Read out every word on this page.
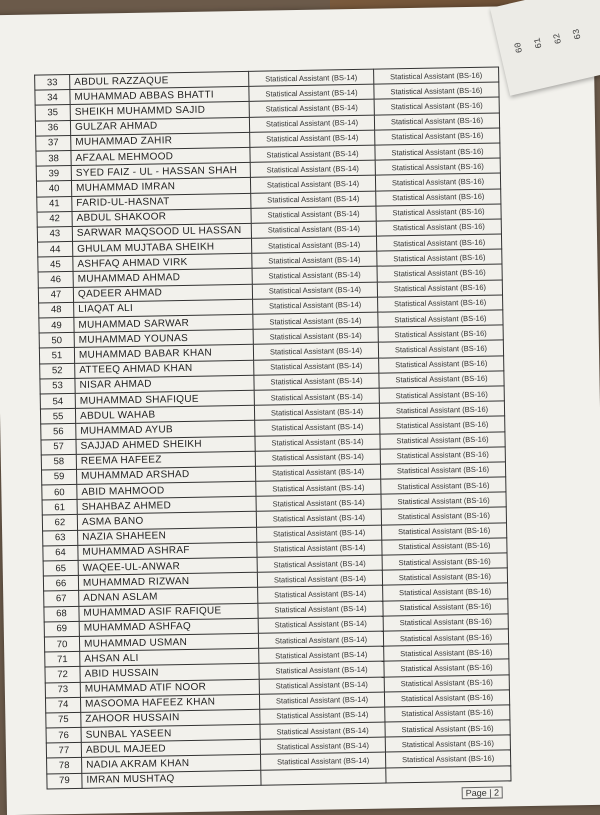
60 61 62 63
33	ABDUL RAZZAQUE	Statistical Assistant (BS-14)	Statistical Assistant (BS-16)
34	MUHAMMAD ABBAS BHATTI	Statistical Assistant (BS-14)	Statistical Assistant (BS-16)
35	SHEIKH MUHAMMD SAJID	Statistical Assistant (BS-14)	Statistical Assistant (BS-16)
36	GULZAR AHMAD	Statistical Assistant (BS-14)	Statistical Assistant (BS-16)
37	MUHAMMAD ZAHIR	Statistical Assistant (BS-14)	Statistical Assistant (BS-16)
38	AFZAAL MEHMOOD	Statistical Assistant (BS-14)	Statistical Assistant (BS-16)
39	SYED FAIZ - UL - HASSAN SHAH	Statistical Assistant (BS-14)	Statistical Assistant (BS-16)
40	MUHAMMAD IMRAN	Statistical Assistant (BS-14)	Statistical Assistant (BS-16)
41	FARID-UL-HASNAT	Statistical Assistant (BS-14)	Statistical Assistant (BS-16)
42	ABDUL SHAKOOR	Statistical Assistant (BS-14)	Statistical Assistant (BS-16)
43	SARWAR MAQSOOD UL HASSAN	Statistical Assistant (BS-14)	Statistical Assistant (BS-16)
44	GHULAM MUJTABA SHEIKH	Statistical Assistant (BS-14)	Statistical Assistant (BS-16)
45	ASHFAQ AHMAD VIRK	Statistical Assistant (BS-14)	Statistical Assistant (BS-16)
46	MUHAMMAD AHMAD	Statistical Assistant (BS-14)	Statistical Assistant (BS-16)
47	QADEER AHMAD	Statistical Assistant (BS-14)	Statistical Assistant (BS-16)
48	LIAQAT ALI	Statistical Assistant (BS-14)	Statistical Assistant (BS-16)
49	MUHAMMAD SARWAR	Statistical Assistant (BS-14)	Statistical Assistant (BS-16)
50	MUHAMMAD YOUNAS	Statistical Assistant (BS-14)	Statistical Assistant (BS-16)
51	MUHAMMAD BABAR KHAN	Statistical Assistant (BS-14)	Statistical Assistant (BS-16)
52	ATTEEQ AHMAD KHAN	Statistical Assistant (BS-14)	Statistical Assistant (BS-16)
53	NISAR AHMAD	Statistical Assistant (BS-14)	Statistical Assistant (BS-16)
54	MUHAMMAD SHAFIQUE	Statistical Assistant (BS-14)	Statistical Assistant (BS-16)
55	ABDUL WAHAB	Statistical Assistant (BS-14)	Statistical Assistant (BS-16)
56	MUHAMMAD AYUB	Statistical Assistant (BS-14)	Statistical Assistant (BS-16)
57	SAJJAD AHMED SHEIKH	Statistical Assistant (BS-14)	Statistical Assistant (BS-16)
58	REEMA HAFEEZ	Statistical Assistant (BS-14)	Statistical Assistant (BS-16)
59	MUHAMMAD ARSHAD	Statistical Assistant (BS-14)	Statistical Assistant (BS-16)
60	ABID MAHMOOD	Statistical Assistant (BS-14)	Statistical Assistant (BS-16)
61	SHAHBAZ AHMED	Statistical Assistant (BS-14)	Statistical Assistant (BS-16)
62	ASMA BANO	Statistical Assistant (BS-14)	Statistical Assistant (BS-16)
63	NAZIA SHAHEEN	Statistical Assistant (BS-14)	Statistical Assistant (BS-16)
64	MUHAMMAD ASHRAF	Statistical Assistant (BS-14)	Statistical Assistant (BS-16)
65	WAQEE-UL-ANWAR	Statistical Assistant (BS-14)	Statistical Assistant (BS-16)
66	MUHAMMAD RIZWAN	Statistical Assistant (BS-14)	Statistical Assistant (BS-16)
67	ADNAN ASLAM	Statistical Assistant (BS-14)	Statistical Assistant (BS-16)
68	MUHAMMAD ASIF RAFIQUE	Statistical Assistant (BS-14)	Statistical Assistant (BS-16)
69	MUHAMMAD ASHFAQ	Statistical Assistant (BS-14)	Statistical Assistant (BS-16)
70	MUHAMMAD USMAN	Statistical Assistant (BS-14)	Statistical Assistant (BS-16)
71	AHSAN ALI	Statistical Assistant (BS-14)	Statistical Assistant (BS-16)
72	ABID HUSSAIN	Statistical Assistant (BS-14)	Statistical Assistant (BS-16)
73	MUHAMMAD ATIF NOOR	Statistical Assistant (BS-14)	Statistical Assistant (BS-16)
74	MASOOMA HAFEEZ KHAN	Statistical Assistant (BS-14)	Statistical Assistant (BS-16)
75	ZAHOOR HUSSAIN	Statistical Assistant (BS-14)	Statistical Assistant (BS-16)
76	SUNBAL YASEEN	Statistical Assistant (BS-14)	Statistical Assistant (BS-16)
77	ABDUL MAJEED	Statistical Assistant (BS-14)	Statistical Assistant (BS-16)
78	NADIA AKRAM KHAN	Statistical Assistant (BS-14)	Statistical Assistant (BS-16)
79	IMRAN MUSHTAQ		
Page | 2
